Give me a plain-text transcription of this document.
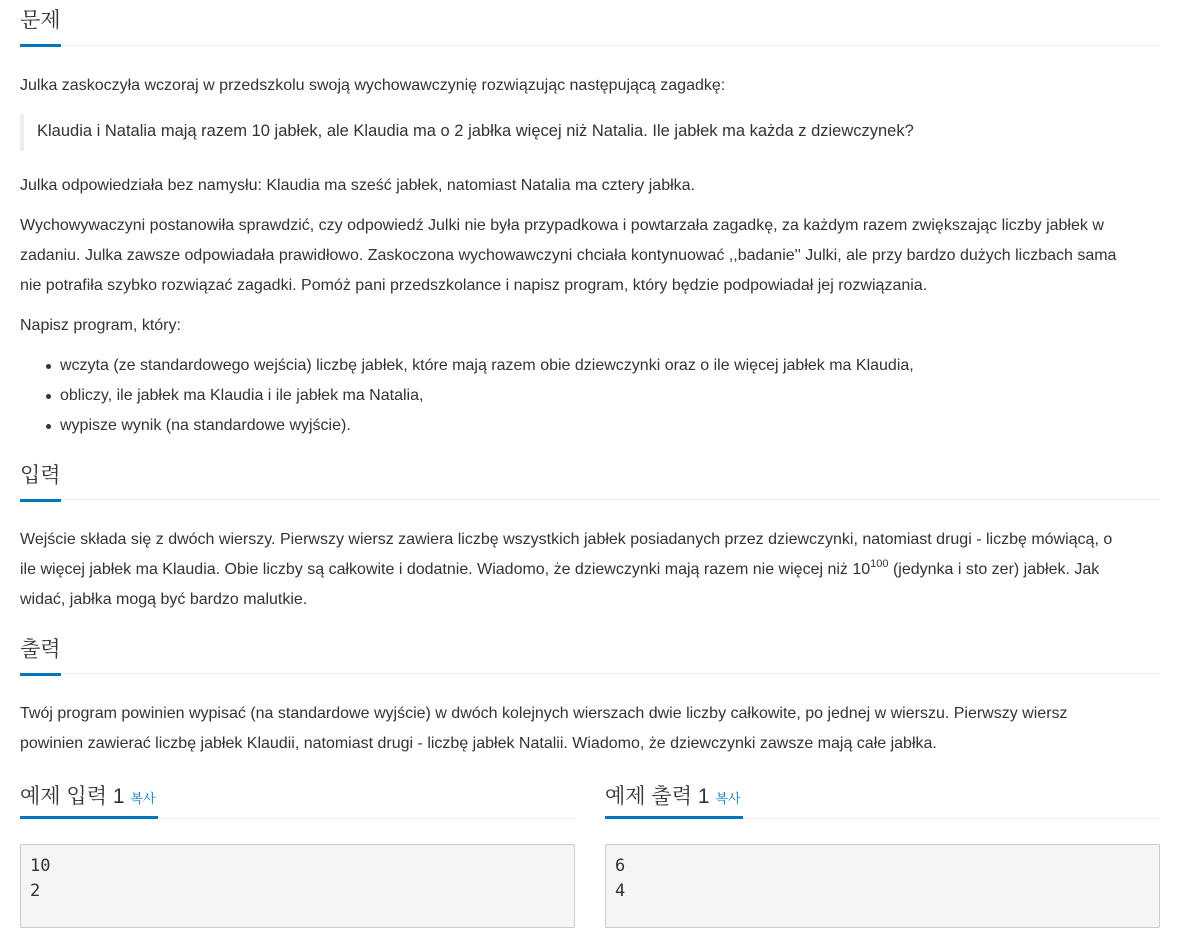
문제

Julka zaskoczyła wczoraj w przedszkolu swoją wychowawczynię rozwiązując następującą zagadkę:

Klaudia i Natalia mają razem 10 jabłek, ale Klaudia ma o 2 jabłka więcej niż Natalia. Ile jabłek ma każda z dziewczynek?

Julka odpowiedziała bez namysłu: Klaudia ma sześć jabłek, natomiast Natalia ma cztery jabłka.

Wychowywaczyni postanowiła sprawdzić, czy odpowiedź Julki nie była przypadkowa i powtarzała zagadkę, za każdym razem zwiększając liczby jabłek w
zadaniu. Julka zawsze odpowiadała prawidłowo. Zaskoczona wychowawczyni chciała kontynuować ,,badanie'' Julki, ale przy bardzo dużych liczbach sama
nie potrafiła szybko rozwiązać zagadki. Pomóż pani przedszkolance i napisz program, który będzie podpowiadał jej rozwiązania.

Napisz program, który:

wczyta (ze standardowego wejścia) liczbę jabłek, które mają razem obie dziewczynki oraz o ile więcej jabłek ma Klaudia,
obliczy, ile jabłek ma Klaudia i ile jabłek ma Natalia,
wypisze wynik (na standardowe wyjście).
입력
Wejście składa się z dwóch wierszy. Pierwszy wiersz zawiera liczbę wszystkich jabłek posiadanych przez dziewczynki, natomiast drugi - liczbę mówiącą, o
ile więcej jabłek ma Klaudia. Obie liczby są całkowite i dodatnie. Wiadomo, że dziewczynki mają razem nie więcej niż $10^{100}$ (jedynka i sto zer) jabłek. Jak
widać, jabłka mogą być bardzo malutkie.
출력
Twój program powinien wypisać (na standardowe wyjście) w dwóch kolejnych wierszach dwie liczby całkowite, po jednej w wierszu. Pierwszy wiersz
powinien zawierać liczbę jabłek Klaudii, natomiast drugi - liczbę jabłek Natalii. Wiadomo, że dziewczynki zawsze mają całe jabłka.
예제 입력 1 복사	예제 출력 1 복사
10
2
6
4
